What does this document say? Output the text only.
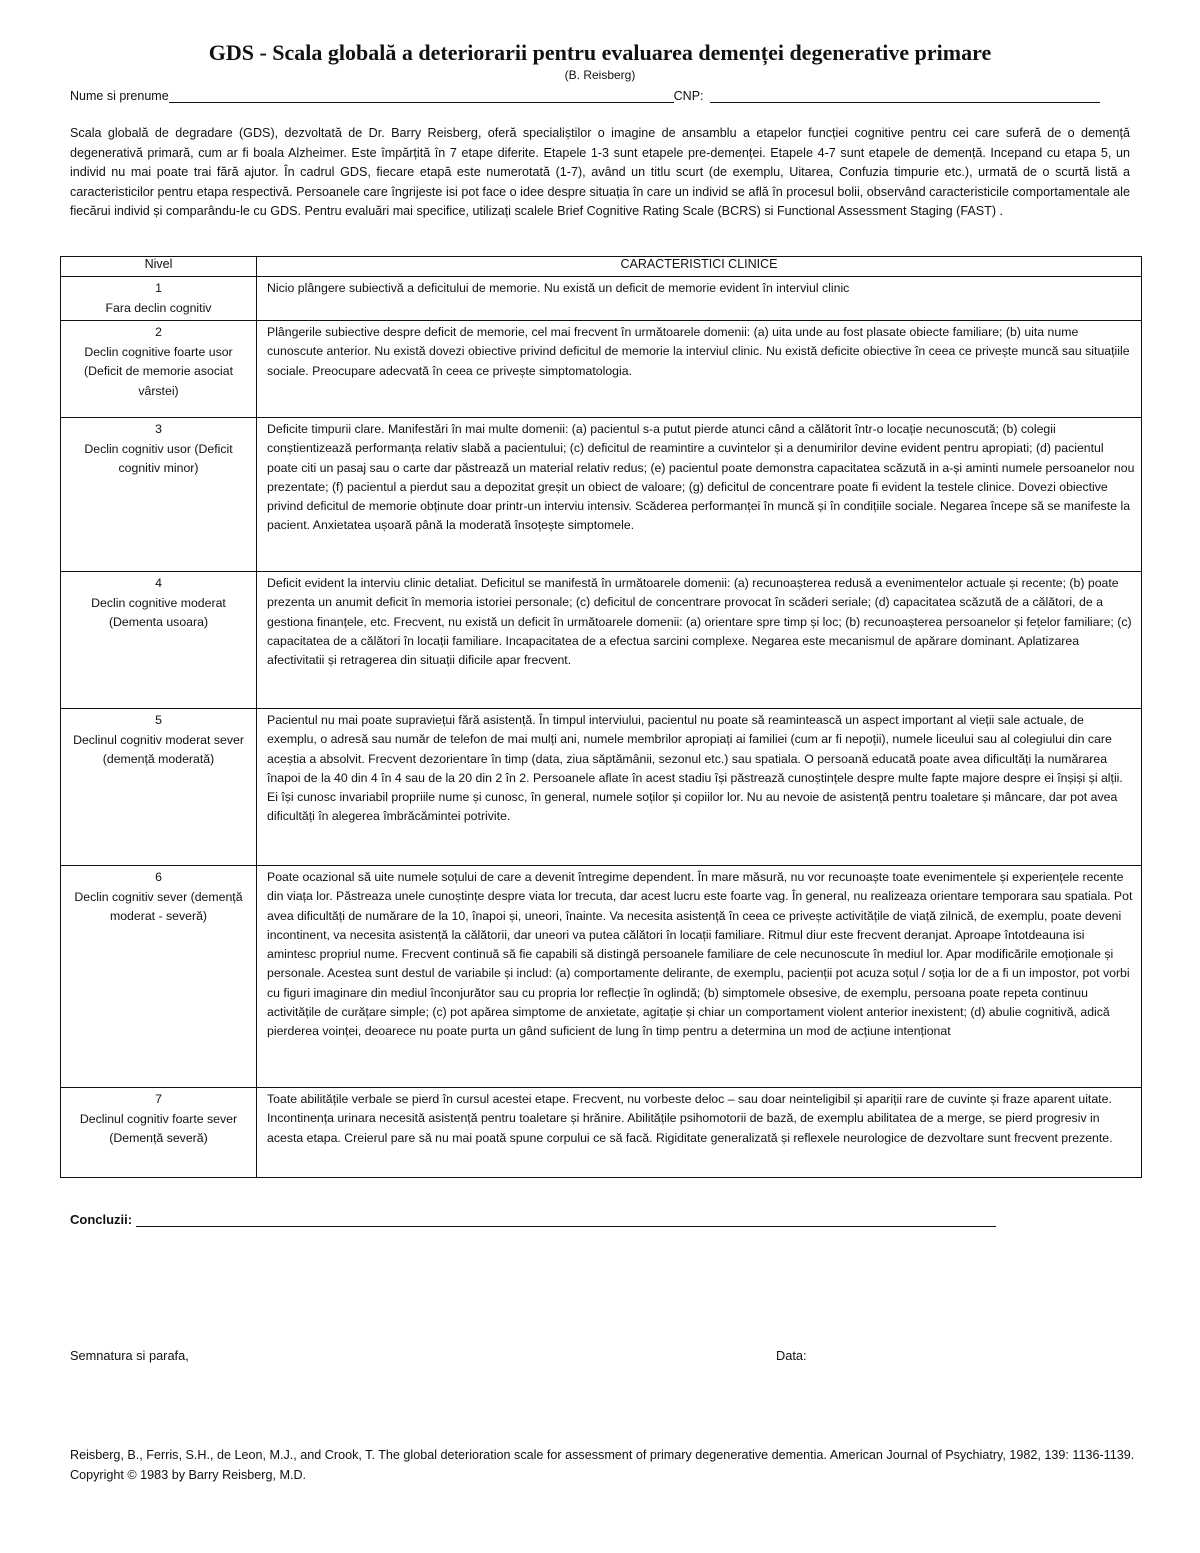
GDS - Scala globală a deteriorarii pentru evaluarea demenței degenerative primare
(B. Reisberg)
Nume si prenume	CNP:
Scala globală de degradare (GDS), dezvoltată de Dr. Barry Reisberg, oferă specialiștilor o imagine de ansamblu a etapelor funcției cognitive pentru cei care suferă de o demență degenerativă primară, cum ar fi boala Alzheimer. Este împărțită în 7 etape diferite. Etapele 1-3 sunt etapele pre-demenței. Etapele 4-7 sunt etapele de demență. Incepand cu etapa 5, un individ nu mai poate trai fără ajutor. În cadrul GDS, fiecare etapă este numerotată (1-7), având un titlu scurt (de exemplu, Uitarea, Confuzia timpurie etc.), urmată de o scurtă listă a caracteristicilor pentru etapa respectivă. Persoanele care îngrijeste isi pot face o idee despre situația în care un individ se află în procesul bolii, observând caracteristicile comportamentale ale fiecărui individ și comparându-le cu GDS. Pentru evaluări mai specifice, utilizați scalele Brief Cognitive Rating Scale (BCRS) si Functional Assessment Staging (FAST) .
Nivel	CARACTERISTICI CLINICE

1
Fara declin cognitiv	Nicio plângere subiectivă a deficitului de memorie. Nu există un deficit de memorie evident în interviul clinic

2
Declin cognitive foarte usor (Deficit de memorie asociat vârstei)	Plângerile subiective despre deficit de memorie, cel mai frecvent în următoarele domenii: (a) uita unde au fost plasate obiecte familiare; (b) uita nume cunoscute anterior. Nu există dovezi obiective privind deficitul de memorie la interviul clinic. Nu există deficite obiective în ceea ce privește muncă sau situațiile sociale. Preocupare adecvată în ceea ce privește simptomatologia.

3
Declin cognitiv usor (Deficit cognitiv minor)	Deficite timpurii clare. Manifestări în mai multe domenii: (a) pacientul s-a putut pierde atunci când a călătorit într-o locație necunoscută; (b) colegii conștientizează performanța relativ slabă a pacientului; (c) deficitul de reamintire a cuvintelor și a denumirilor devine evident pentru apropiati; (d) pacientul poate citi un pasaj sau o carte dar păstrează un material relativ redus; (e) pacientul poate demonstra capacitatea scăzută in a-și aminti numele persoanelor nou prezentate; (f) pacientul a pierdut sau a depozitat greșit un obiect de valoare; (g) deficitul de concentrare poate fi evident la testele clinice. Dovezi obiective privind deficitul de memorie obținute doar printr-un interviu intensiv. Scăderea performanței în muncă și în condițiile sociale. Negarea începe să se manifeste la pacient. Anxietatea ușoară până la moderată însoțește simptomele.

4
Declin cognitive moderat (Dementa usoara)	Deficit evident la interviu clinic detaliat. Deficitul se manifestă în următoarele domenii: (a) recunoașterea redusă a evenimentelor actuale și recente; (b) poate prezenta un anumit deficit în memoria istoriei personale; (c) deficitul de concentrare provocat în scăderi seriale; (d) capacitatea scăzută de a călători, de a gestiona finanțele, etc. Frecvent, nu există un deficit în următoarele domenii: (a) orientare spre timp și loc; (b) recunoașterea persoanelor și fețelor familiare; (c) capacitatea de a călători în locații familiare. Incapacitatea de a efectua sarcini complexe. Negarea este mecanismul de apărare dominant. Aplatizarea afectivitatii și retragerea din situații dificile apar frecvent.

5
Declinul cognitiv moderat sever (demență moderată)	Pacientul nu mai poate supraviețui fără asistență. În timpul interviului, pacientul nu poate să reamintească un aspect important al vieții sale actuale, de exemplu, o adresă sau număr de telefon de mai mulți ani, numele membrilor apropiați ai familiei (cum ar fi nepoții), numele liceului sau al colegiului din care aceștia a absolvit. Frecvent dezorientare în timp (data, ziua săptămânii, sezonul etc.) sau spatiala. O persoană educată poate avea dificultăți la numărarea înapoi de la 40 din 4 în 4 sau de la 20 din 2 în 2. Persoanele aflate în acest stadiu își păstrează cunoștințele despre multe fapte majore despre ei înșiși și alții. Ei își cunosc invariabil propriile nume și cunosc, în general, numele soților și copiilor lor. Nu au nevoie de asistență pentru toaletare și mâncare, dar pot avea dificultăți în alegerea îmbrăcămintei potrivite.

6
Declin cognitiv sever (demență moderat - severă)	Poate ocazional să uite numele soțului de care a devenit întregime dependent. În mare măsură, nu vor recunoaște toate evenimentele și experiențele recente din viața lor. Păstreaza unele cunoștințe despre viata lor trecuta, dar acest lucru este foarte vag. În general, nu realizeaza orientare temporara sau spatiala. Pot avea dificultăți de numărare de la 10, înapoi și, uneori, înainte. Va necesita asistență în ceea ce privește activitățile de viață zilnică, de exemplu, poate deveni incontinent, va necesita asistență la călătorii, dar uneori va putea călători în locații familiare. Ritmul diur este frecvent deranjat. Aproape întotdeauna isi amintesc propriul nume. Frecvent continuă să fie capabili să distingă persoanele familiare de cele necunoscute în mediul lor. Apar modificările emoționale și personale. Acestea sunt destul de variabile și includ: (a) comportamente delirante, de exemplu, pacienții pot acuza soțul / soția lor de a fi un impostor, pot vorbi cu figuri imaginare din mediul înconjurător sau cu propria lor reflecție în oglindă; (b) simptomele obsesive, de exemplu, persoana poate repeta continuu activitățile de curățare simple; (c) pot apărea simptome de anxietate, agitație și chiar un comportament violent anterior inexistent; (d) abulie cognitivă, adică pierderea voinței, deoarece nu poate purta un gând suficient de lung în timp pentru a determina un mod de acțiune intenționat

7
Declinul cognitiv foarte sever (Demență severă)	Toate abilitățile verbale se pierd în cursul acestei etape. Frecvent, nu vorbeste deloc – sau doar neinteligibil și apariții rare de cuvinte și fraze aparent uitate. Incontinența urinara necesită asistență pentru toaletare și hrănire. Abilitățile psihomotorii de bază, de exemplu abilitatea de a merge, se pierd progresiv in acesta etapa. Creierul pare să nu mai poată spune corpului ce să facă. Rigiditate generalizată și reflexele neurologice de dezvoltare sunt frecvent prezente.
Concluzii:
Semnatura si parafa,	Data:
Reisberg, B., Ferris, S.H., de Leon, M.J., and Crook, T. The global deterioration scale for assessment of primary degenerative dementia. American Journal of Psychiatry, 1982, 139: 1136-1139. Copyright © 1983 by Barry Reisberg, M.D.
